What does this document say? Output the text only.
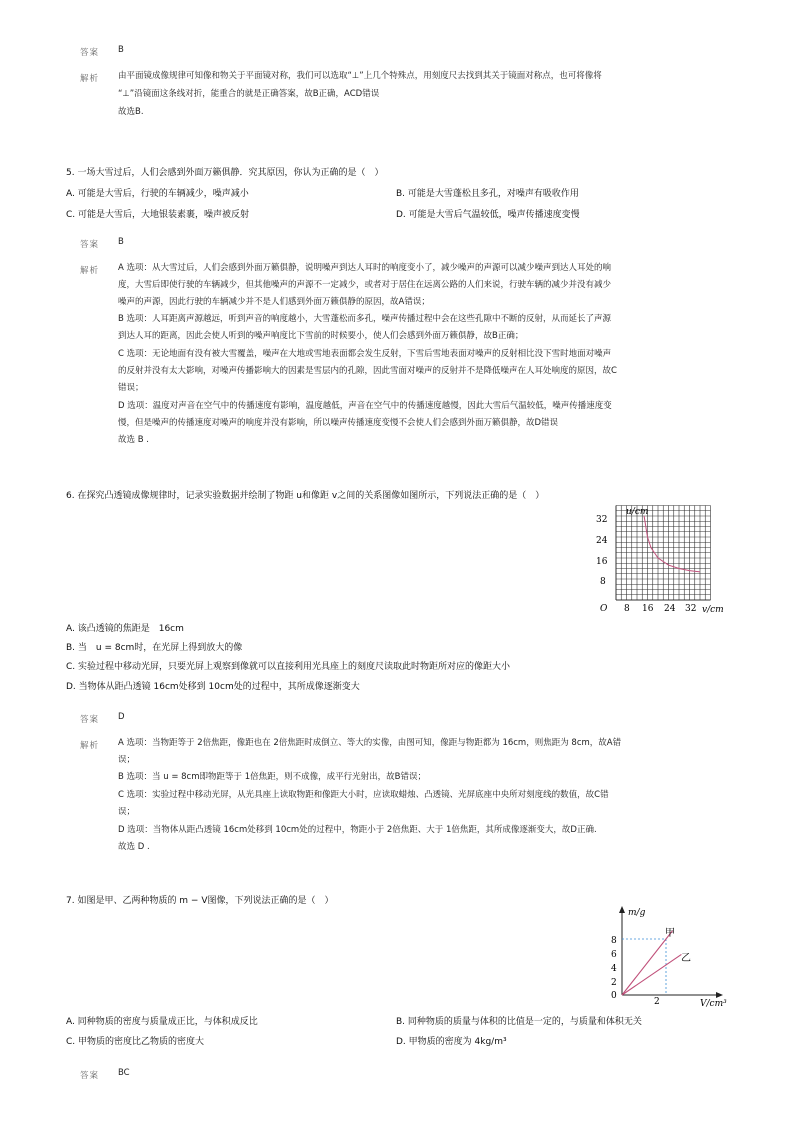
答案 B
解析 由平面镜成像规律可知像和物关于平面镜对称，我们可以选取“⊥”上几个特殊点，用刻度尺去找到其关于镜面对称点，也可将像将
“⊥”沿镜面这条线对折，能重合的就是正确答案，故B正确，ACD错误
故选B.
5. 一场大雪过后，人们会感到外面万籁俱静．究其原因，你认为正确的是（　）
A. 可能是大雪后，行驶的车辆减少，噪声减小	B. 可能是大雪蓬松且多孔，对噪声有吸收作用
C. 可能是大雪后，大地银装素裹，噪声被反射	D. 可能是大雪后气温较低，噪声传播速度变慢
答案 B
解析 A 选项：从大雪过后，人们会感到外面万籁俱静，说明噪声到达人耳时的响度变小了，减少噪声的声源可以减少噪声到达人耳处的响
度，大雪后即使行驶的车辆减少，但其他噪声的声源不一定减少，或者对于居住在远离公路的人们来说，行驶车辆的减少并没有减少
噪声的声源，因此行驶的车辆减少并不是人们感到外面万籁俱静的原因，故A错误；
B 选项：人耳距离声源越远，听到声音的响度越小，大雪蓬松而多孔，噪声传播过程中会在这些孔隙中不断的反射，从而延长了声源
到达人耳的距离，因此会使人听到的噪声响度比下雪前的时候要小，使人们会感到外面万籁俱静，故B正确；
C 选项：无论地面有没有被大雪覆盖，噪声在大地或雪地表面都会发生反射，下雪后雪地表面对噪声的反射相比没下雪时地面对噪声
的反射并没有太大影响，对噪声传播影响大的因素是雪层内的孔隙，因此雪面对噪声的反射并不是降低噪声在人耳处响度的原因，故C
错误；
D 选项：温度对声音在空气中的传播速度有影响，温度越低，声音在空气中的传播速度越慢，因此大雪后气温较低，噪声传播速度变
慢，但是噪声的传播速度对噪声的响度并没有影响，所以噪声传播速度变慢不会使人们会感到外面万籁俱静，故D错误
故选 B .
6. 在探究凸透镜成像规律时，记录实验数据并绘制了物距 u和像距 v之间的关系图像如图所示，下列说法正确的是（　）
u/cm
v/cm
O
32
24
16
8
8 16 24 32
A. 该凸透镜的焦距是　16cm
B. 当　u = 8cm时，在光屏上得到放大的像
C. 实验过程中移动光屏，只要光屏上观察到像就可以直接利用光具座上的刻度尺读取此时物距所对应的像距大小
D. 当物体从距凸透镜 16cm处移到 10cm处的过程中，其所成像逐渐变大
答案 D
解析 A 选项：当物距等于 2倍焦距，像距也在 2倍焦距时成倒立、等大的实像，由图可知，像距与物距都为 16cm，则焦距为 8cm，故A错
误；
B 选项：当 u = 8cm即物距等于 1倍焦距，则不成像，成平行光射出，故B错误；
C 选项：实验过程中移动光屏，从光具座上读取物距和像距大小时，应读取蜡烛、凸透镜、光屏底座中央所对刻度线的数值，故C错
误；
D 选项：当物体从距凸透镜 16cm处移到 10cm处的过程中，物距小于 2倍焦距、大于 1倍焦距，其所成像逐渐变大，故D正确.
故选 D .
7. 如图是甲、乙两种物质的 m − V图像，下列说法正确的是（　）
m/g
V/cm³
8
6
4
2
0
2
甲
乙
A. 同种物质的密度与质量成正比，与体积成反比	B. 同种物质的质量与体积的比值是一定的，与质量和体积无关
C. 甲物质的密度比乙物质的密度大	D. 甲物质的密度为 4kg/m³
答案 BC
